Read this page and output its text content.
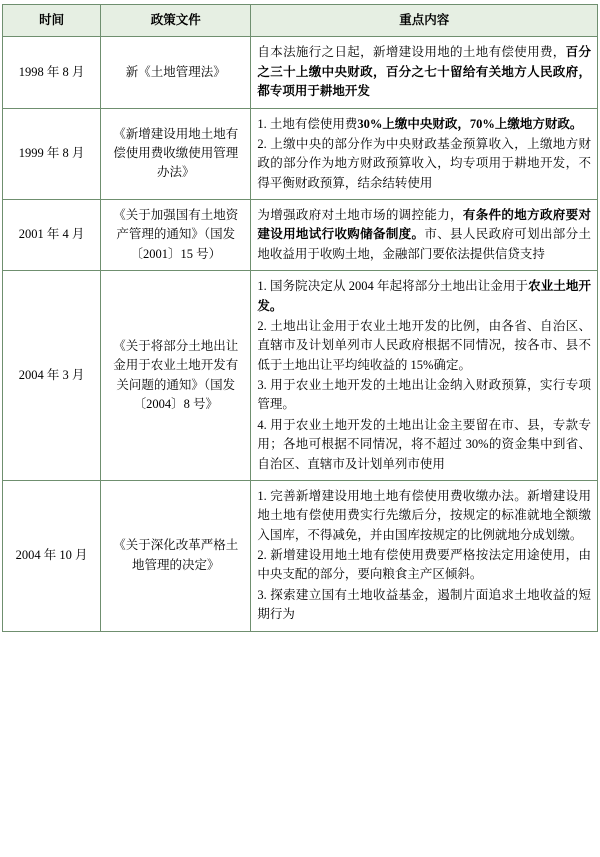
时间	政策文件	重点内容
1998 年 8 月	新《土地管理法》	自本法施行之日起，新增建设用地的土地有偿使用费，百分之三十上缴中央财政，百分之七十留给有关地方人民政府，都专项用于耕地开发

1999 年 8 月	《新增建设用地土地有偿使用费收缴使用管理办法》	1. 土地有偿使用费30%上缴中央财政，70%上缴地方财政。

2. 上缴中央的部分作为中央财政基金预算收入，上缴地方财政的部分作为地方财政预算收入，均专项用于耕地开发，不得平衡财政预算，结余结转使用

2001 年 4 月	《关于加强国有土地资产管理的通知》（国发〔2001〕15 号）	为增强政府对土地市场的调控能力，有条件的地方政府要对建设用地试行收购储备制度。市、县人民政府可划出部分土地收益用于收购土地，金融部门要依法提供信贷支持

2004 年 3 月	《关于将部分土地出让金用于农业土地开发有关问题的通知》（国发〔2004〕8 号》	1. 国务院决定从 2004 年起将部分土地出让金用于农业土地开发。

2. 土地出让金用于农业土地开发的比例，由各省、自治区、直辖市及计划单列市人民政府根据不同情况，按各市、县不低于土地出让平均纯收益的 15%确定。

3. 用于农业土地开发的土地出让金纳入财政预算，实行专项管理。

4. 用于农业土地开发的土地出让金主要留在市、县，专款专用；各地可根据不同情况，将不超过 30%的资金集中到省、自治区、直辖市及计划单列市使用

2004 年 10 月	《关于深化改革严格土地管理的决定》	1. 完善新增建设用地土地有偿使用费收缴办法。新增建设用地土地有偿使用费实行先缴后分，按规定的标准就地全额缴入国库，不得减免，并由国库按规定的比例就地分成划缴。

2. 新增建设用地土地有偿使用费要严格按法定用途使用，由中央支配的部分，要向粮食主产区倾斜。

3. 探索建立国有土地收益基金，遏制片面追求土地收益的短期行为
